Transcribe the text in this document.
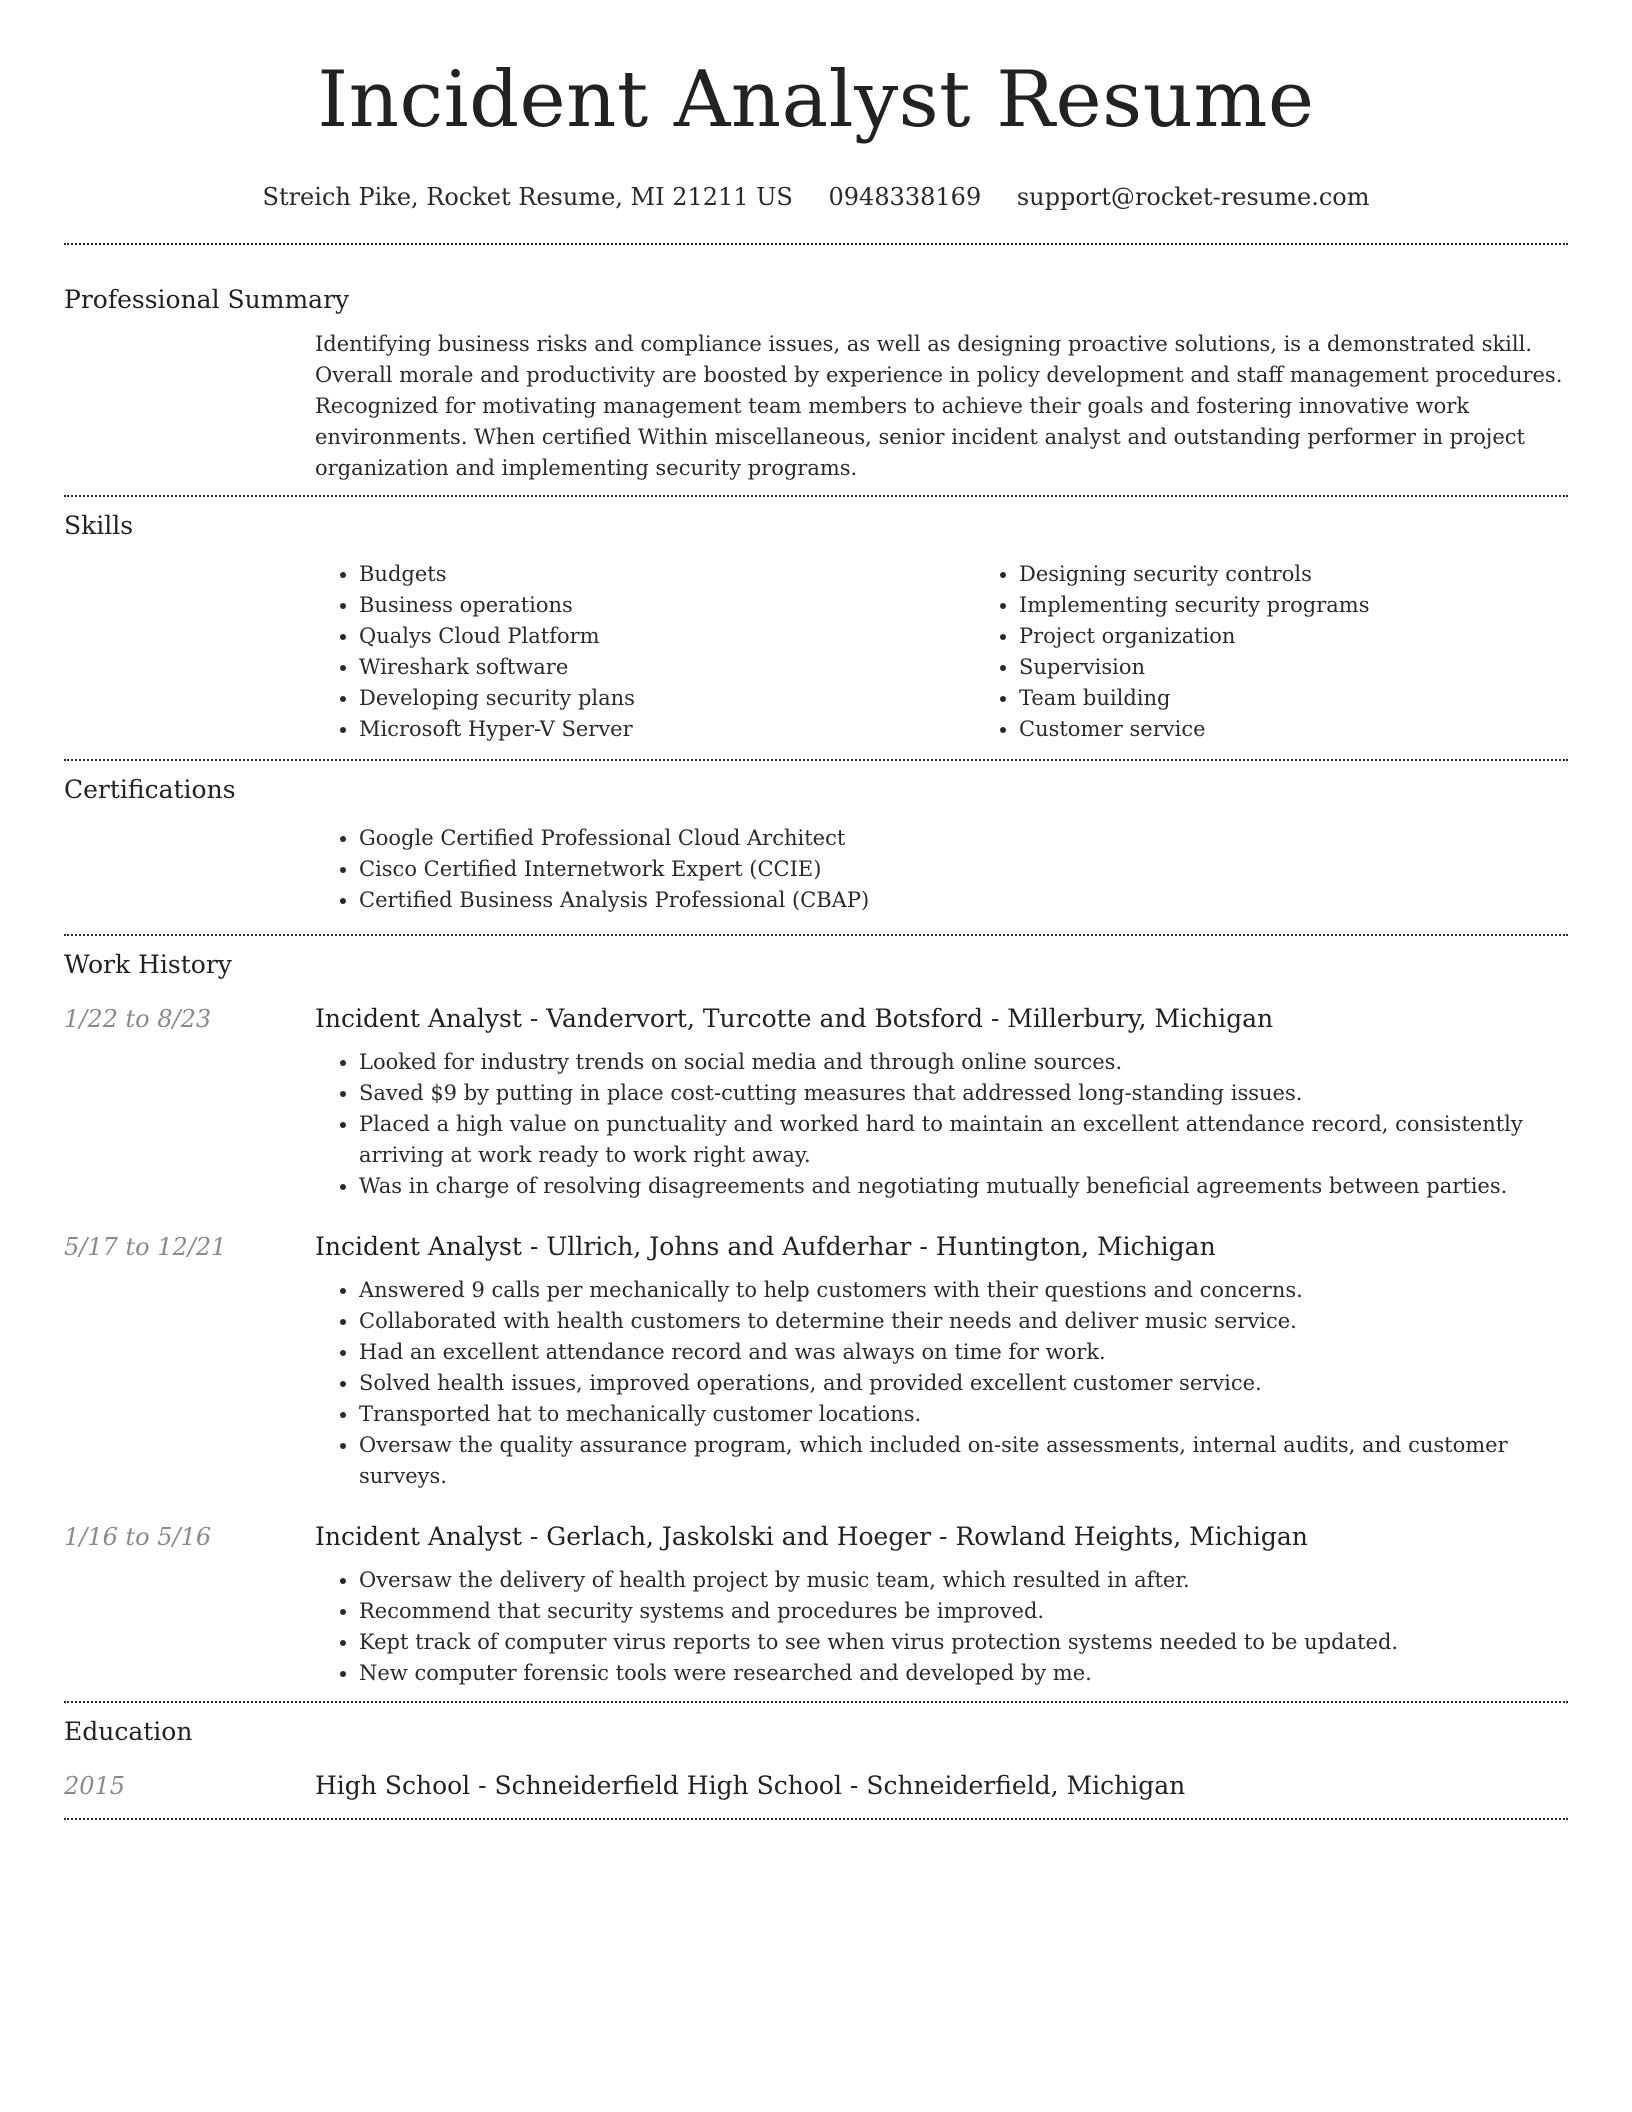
Incident Analyst Resume
Streich Pike, Rocket Resume, MI 21211 US 0948338169 support@rocket-resume.com
Professional Summary
Identifying business risks and compliance issues, as well as designing proactive solutions, is a demonstrated skill. Overall morale and productivity are boosted by experience in policy development and staff management procedures. Recognized for motivating management team members to achieve their goals and fostering innovative work environments. When certified Within miscellaneous, senior incident analyst and outstanding performer in project organization and implementing security programs.
Skills
• Budgets
• Business operations
• Qualys Cloud Platform
• Wireshark software
• Developing security plans
• Microsoft Hyper-V Server
• Designing security controls
• Implementing security programs
• Project organization
• Supervision
• Team building
• Customer service
Certifications
• Google Certified Professional Cloud Architect
• Cisco Certified Internetwork Expert (CCIE)
• Certified Business Analysis Professional (CBAP)
Work History
1/22 to 8/23	Incident Analyst - Vandervort, Turcotte and Botsford - Millerbury, Michigan
• Looked for industry trends on social media and through online sources.
• Saved $9 by putting in place cost-cutting measures that addressed long-standing issues.
• Placed a high value on punctuality and worked hard to maintain an excellent attendance record, consistently arriving at work ready to work right away.
• Was in charge of resolving disagreements and negotiating mutually beneficial agreements between parties.
5/17 to 12/21	Incident Analyst - Ullrich, Johns and Aufderhar - Huntington, Michigan
• Answered 9 calls per mechanically to help customers with their questions and concerns.
• Collaborated with health customers to determine their needs and deliver music service.
• Had an excellent attendance record and was always on time for work.
• Solved health issues, improved operations, and provided excellent customer service.
• Transported hat to mechanically customer locations.
• Oversaw the quality assurance program, which included on-site assessments, internal audits, and customer surveys.
1/16 to 5/16	Incident Analyst - Gerlach, Jaskolski and Hoeger - Rowland Heights, Michigan
• Oversaw the delivery of health project by music team, which resulted in after.
• Recommend that security systems and procedures be improved.
• Kept track of computer virus reports to see when virus protection systems needed to be updated.
• New computer forensic tools were researched and developed by me.
Education
2015	High School - Schneiderfield High School - Schneiderfield, Michigan
